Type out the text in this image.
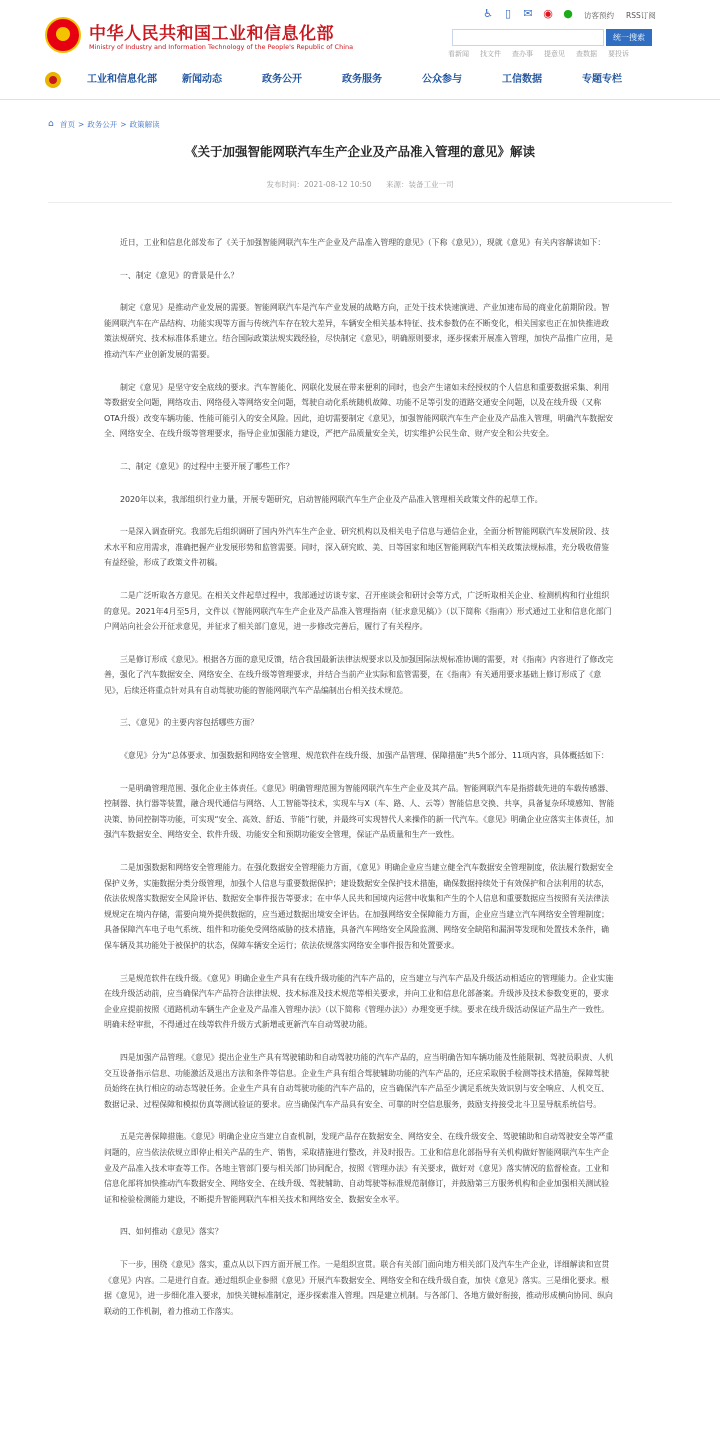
中华人民共和国工业和信息化部
Ministry of Industry and Information Technology of the People's Republic of China
♿	▯	✉ ◉ ● 访客预约 RSS订阅
统一搜索
看新闻 找文件 查办事 提意见 查数据 要投诉
工业和信息化部	新闻动态	政务公开	政务服务	公众参与	工信数据	专题专栏
⌂ 首页 > 政务公开 > 政策解读
《关于加强智能网联汽车生产企业及产品准入管理的意见》解读
发布时间：2021-08-12 10:50 来源：装备工业一司

近日，工业和信息化部发布了《关于加强智能网联汽车生产企业及产品准入管理的意见》（下称《意见》），现就《意见》有关内容解读如下：

一、制定《意见》的背景是什么？

制定《意见》是推动产业发展的需要。智能网联汽车是汽车产业发展的战略方向，正处于技术快速演进、产业加速布局的商业化前期阶段。智能网联汽车在产品结构、功能实现等方面与传统汽车存在较大差异，车辆安全相关基本特征、技术参数仍在不断变化，相关国家也正在加快推进政策法规研究、技术标准体系建立。结合国际政策法规实践经验，尽快制定《意见》，明确原则要求，逐步探索开展准入管理，加快产品推广应用，是推动汽车产业创新发展的需要。

制定《意见》是坚守安全底线的要求。汽车智能化、网联化发展在带来便利的同时，也会产生诸如未经授权的个人信息和重要数据采集、利用等数据安全问题，网络攻击、网络侵入等网络安全问题，驾驶自动化系统随机故障、功能不足等引发的道路交通安全问题，以及在线升级（又称OTA升级）改变车辆功能、性能可能引入的安全风险。因此，迫切需要制定《意见》，加强智能网联汽车生产企业及产品准入管理，明确汽车数据安全、网络安全、在线升级等管理要求，指导企业加强能力建设，严把产品质量安全关，切实维护公民生命、财产安全和公共安全。

二、制定《意见》的过程中主要开展了哪些工作？

2020年以来，我部组织行业力量，开展专题研究，启动智能网联汽车生产企业及产品准入管理相关政策文件的起草工作。

一是深入调查研究。我部先后组织调研了国内外汽车生产企业、研究机构以及相关电子信息与通信企业，全面分析智能网联汽车发展阶段、技术水平和应用需求，准确把握产业发展形势和监管需要。同时，深入研究欧、美、日等国家和地区智能网联汽车相关政策法规标准，充分吸收借鉴有益经验，形成了政策文件初稿。

二是广泛听取各方意见。在相关文件起草过程中，我部通过访谈专家、召开座谈会和研讨会等方式，广泛听取相关企业、检测机构和行业组织的意见。2021年4月至5月，文件以《智能网联汽车生产企业及产品准入管理指南（征求意见稿）》（以下简称《指南》）形式通过工业和信息化部门户网站向社会公开征求意见，并征求了相关部门意见，进一步修改完善后，履行了有关程序。

三是修订形成《意见》。根据各方面的意见反馈，结合我国最新法律法规要求以及加强国际法规标准协调的需要，对《指南》内容进行了修改完善，强化了汽车数据安全、网络安全、在线升级等管理要求，并结合当前产业实际和监管需要，在《指南》有关通用要求基础上修订形成了《意见》，后续还将重点针对具有自动驾驶功能的智能网联汽车产品编制出台相关技术规范。

三、《意见》的主要内容包括哪些方面？

《意见》分为“总体要求、加强数据和网络安全管理、规范软件在线升级、加强产品管理、保障措施”共5个部分、11项内容，具体概括如下：

一是明确管理范围、强化企业主体责任。《意见》明确管理范围为智能网联汽车生产企业及其产品。智能网联汽车是指搭载先进的车载传感器、控制器、执行器等装置，融合现代通信与网络、人工智能等技术，实现车与X（车、路、人、云等）智能信息交换、共享，具备复杂环境感知、智能决策、协同控制等功能，可实现“安全、高效、舒适、节能”行驶，并最终可实现替代人来操作的新一代汽车。《意见》明确企业应落实主体责任，加强汽车数据安全、网络安全、软件升级、功能安全和预期功能安全管理，保证产品质量和生产一致性。

二是加强数据和网络安全管理能力。在强化数据安全管理能力方面，《意见》明确企业应当建立健全汽车数据安全管理制度，依法履行数据安全保护义务，实施数据分类分级管理，加强个人信息与重要数据保护；建设数据安全保护技术措施，确保数据持续处于有效保护和合法利用的状态，依法依规落实数据安全风险评估、数据安全事件报告等要求；在中华人民共和国境内运营中收集和产生的个人信息和重要数据应当按照有关法律法规规定在境内存储，需要向境外提供数据的，应当通过数据出境安全评估。在加强网络安全保障能力方面，企业应当建立汽车网络安全管理制度；具备保障汽车电子电气系统、组件和功能免受网络威胁的技术措施，具备汽车网络安全风险监测、网络安全缺陷和漏洞等发现和处置技术条件，确保车辆及其功能处于被保护的状态，保障车辆安全运行；依法依规落实网络安全事件报告和处置要求。

三是规范软件在线升级。《意见》明确企业生产具有在线升级功能的汽车产品的，应当建立与汽车产品及升级活动相适应的管理能力。企业实施在线升级活动前，应当确保汽车产品符合法律法规、技术标准及技术规范等相关要求，并向工业和信息化部备案。升级涉及技术参数变更的，要求企业应提前按照《道路机动车辆生产企业及产品准入管理办法》（以下简称《管理办法》）办理变更手续。要求在线升级活动保证产品生产一致性。明确未经审批，不得通过在线等软件升级方式新增或更新汽车自动驾驶功能。

四是加强产品管理。《意见》提出企业生产具有驾驶辅助和自动驾驶功能的汽车产品的，应当明确告知车辆功能及性能限制、驾驶员职责、人机交互设备指示信息、功能激活及退出方法和条件等信息。企业生产具有组合驾驶辅助功能的汽车产品的，还应采取脱手检测等技术措施，保障驾驶员始终在执行相应的动态驾驶任务。企业生产具有自动驾驶功能的汽车产品的，应当确保汽车产品至少满足系统失效识别与安全响应、人机交互、数据记录、过程保障和模拟仿真等测试验证的要求。应当确保汽车产品具有安全、可靠的时空信息服务，鼓励支持接受北斗卫星导航系统信号。

五是完善保障措施。《意见》明确企业应当建立自查机制，发现产品存在数据安全、网络安全、在线升级安全、驾驶辅助和自动驾驶安全等严重问题的，应当依法依规立即停止相关产品的生产、销售，采取措施进行整改，并及时报告。工业和信息化部指导有关机构做好智能网联汽车生产企业及产品准入技术审查等工作。各地主管部门要与相关部门协同配合，按照《管理办法》有关要求，做好对《意见》落实情况的监督检查。工业和信息化部将加快推动汽车数据安全、网络安全、在线升级、驾驶辅助、自动驾驶等标准规范制修订，并鼓励第三方服务机构和企业加强相关测试验证和检验检测能力建设，不断提升智能网联汽车相关技术和网络安全、数据安全水平。

四、如何推动《意见》落实？

下一步，围绕《意见》落实，重点从以下四方面开展工作。一是组织宣贯。联合有关部门面向地方相关部门及汽车生产企业，详细解读和宣贯《意见》内容。二是进行自查。通过组织企业参照《意见》开展汽车数据安全、网络安全和在线升级自查，加快《意见》落实。三是细化要求。根据《意见》，进一步细化准入要求，加快关键标准制定，逐步探索准入管理。四是建立机制。与各部门、各地方做好衔接，推动形成横向协同、纵向联动的工作机制，着力推动工作落实。
